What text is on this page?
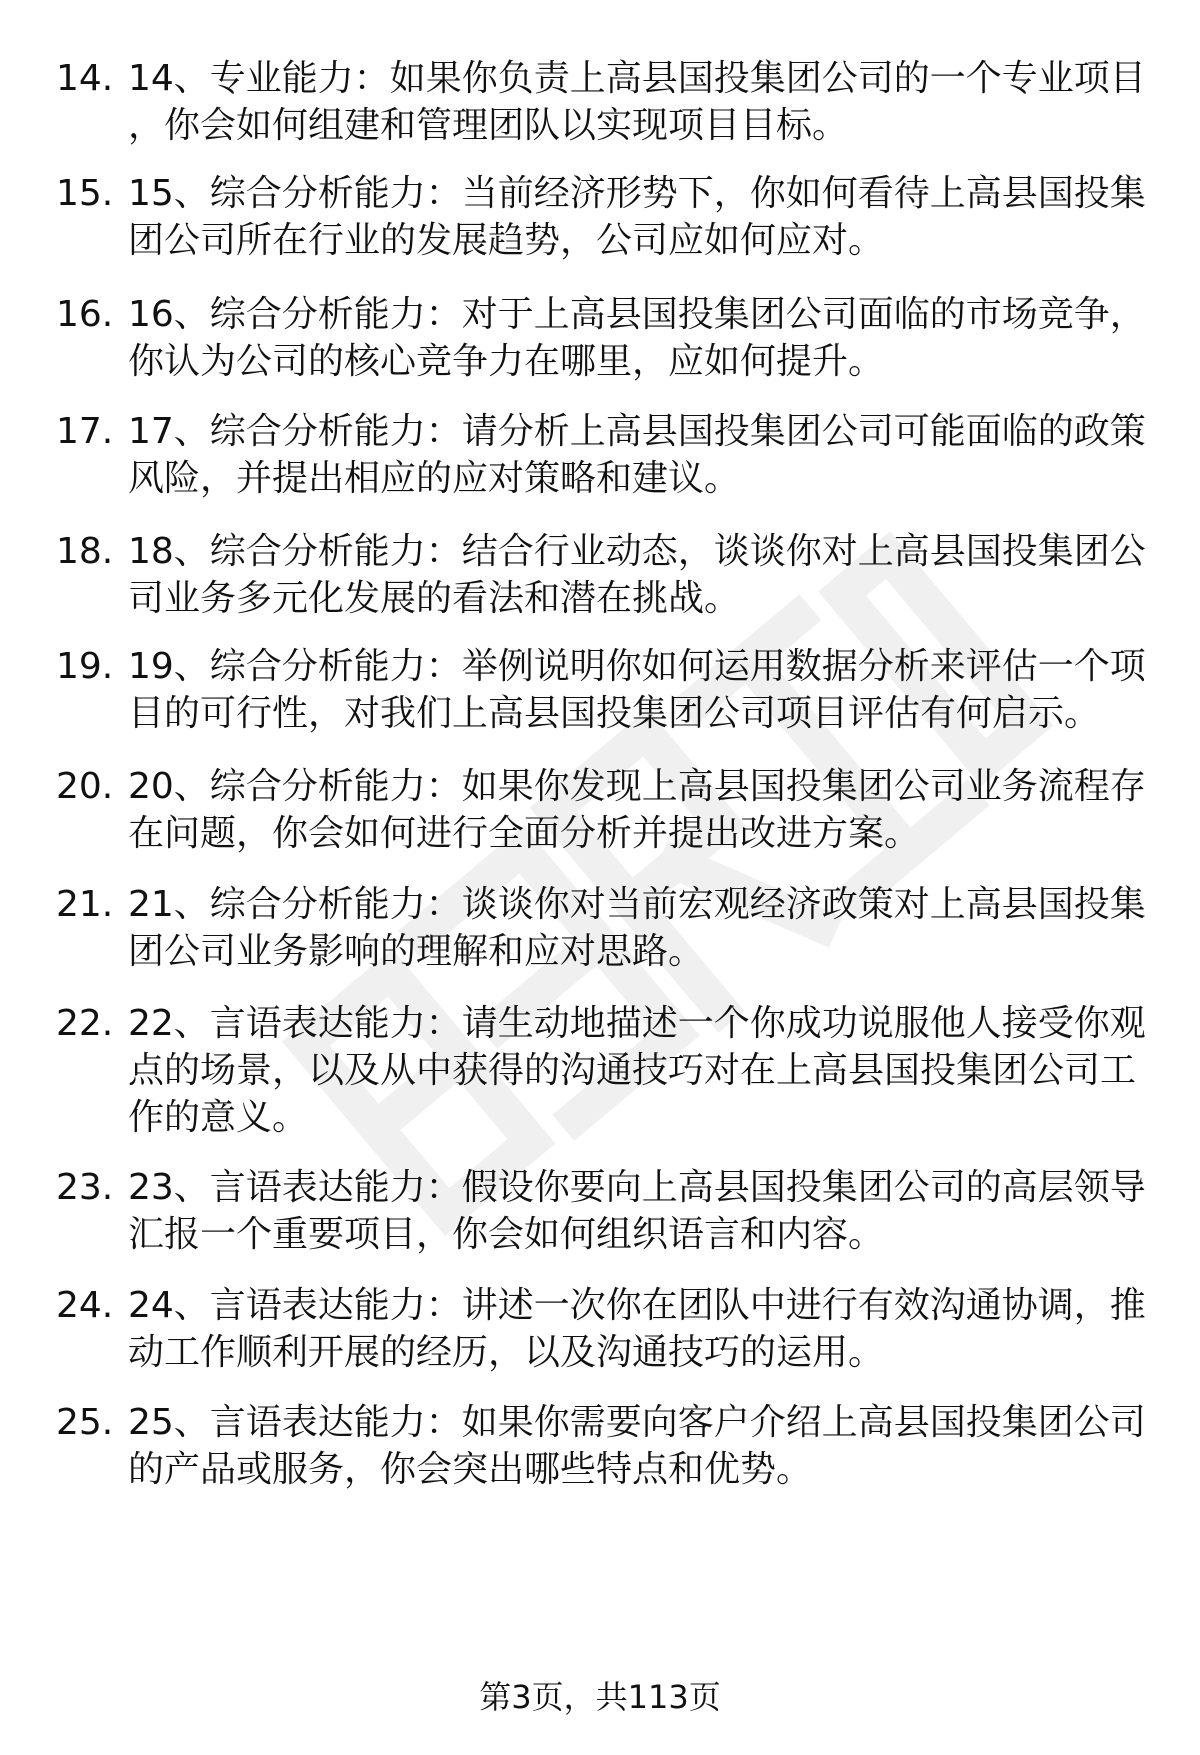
14. 14、专业能力：如果你负责上高县国投集团公司的一个专业项目，你会如何组建和管理团队以实现项目目标。
15. 15、综合分析能力：当前经济形势下，你如何看待上高县国投集团公司所在行业的发展趋势，公司应如何应对。
16. 16、综合分析能力：对于上高县国投集团公司面临的市场竞争，你认为公司的核心竞争力在哪里，应如何提升。
17. 17、综合分析能力：请分析上高县国投集团公司可能面临的政策风险，并提出相应的应对策略和建议。
18. 18、综合分析能力：结合行业动态，谈谈你对上高县国投集团公司业务多元化发展的看法和潜在挑战。
19. 19、综合分析能力：举例说明你如何运用数据分析来评估一个项目的可行性，对我们上高县国投集团公司项目评估有何启示。
20. 20、综合分析能力：如果你发现上高县国投集团公司业务流程存在问题，你会如何进行全面分析并提出改进方案。
21. 21、综合分析能力：谈谈你对当前宏观经济政策对上高县国投集团公司业务影响的理解和应对思路。
22. 22、言语表达能力：请生动地描述一个你成功说服他人接受你观点的场景，以及从中获得的沟通技巧对在上高县国投集团公司工作的意义。
23. 23、言语表达能力：假设你要向上高县国投集团公司的高层领导汇报一个重要项目，你会如何组织语言和内容。
24. 24、言语表达能力：讲述一次你在团队中进行有效沟通协调，推动工作顺利开展的经历，以及沟通技巧的运用。
25. 25、言语表达能力：如果你需要向客户介绍上高县国投集团公司的产品或服务，你会突出哪些特点和优势。
第3页，共113页
